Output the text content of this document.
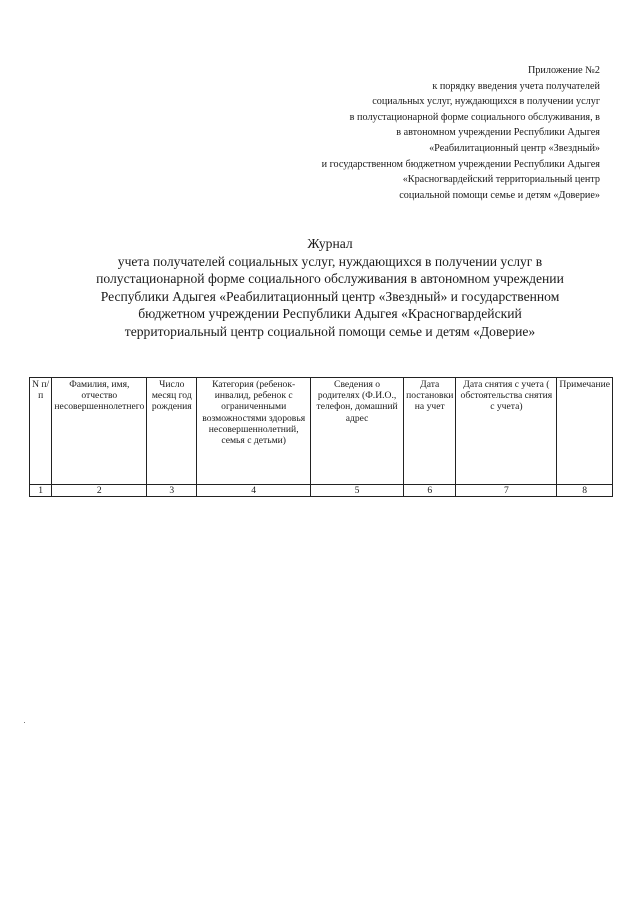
Приложение №2
к порядку введения учета получателей
социальных услуг, нуждающихся в получении услуг
в полустационарной форме социального обслуживания, в
в автономном учреждении Республики Адыгея
«Реабилитационный центр «Звездный»
и государственном бюджетном учреждении Республики Адыгея
«Красногвардейский территориальный центр
социальной помощи семье и детям «Доверие»
Журнал
учета получателей социальных услуг, нуждающихся в получении услуг в полустационарной форме социального обслуживания в автономном учреждении Республики Адыгея «Реабилитационный центр «Звездный» и государственном бюджетном учреждении Республики Адыгея «Красногвардейский территориальный центр социальной помощи семье и детям «Доверие»
N п/п	Фамилия, имя, отчество несовершеннолетнего	Число месяц год рождения	Категория (ребенок-инвалид, ребенок с ограниченными возможностями здоровья несовершеннолетний, семья с детьми)	Сведения о родителях (Ф.И.О., телефон, домашний адрес	Дата постановки на учет	Дата снятия с учета ( обстоятельства снятия с учета)	Примечание
1	2	3	4	5	6	7	8
